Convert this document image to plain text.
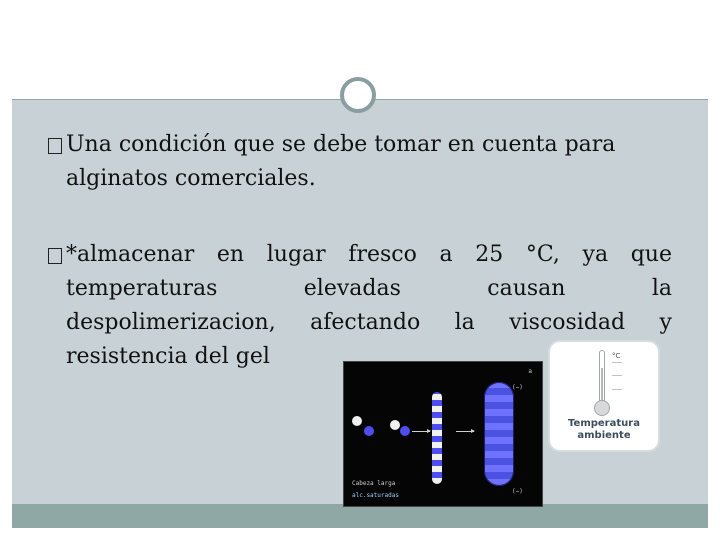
Una condición que se debe tomar en cuenta para
alginatos comerciales.
*almacenar en lugar fresco a 25 °C, ya que
temperaturas elevadas causan la
despolimerizacion, afectando la viscosidad y
resistencia del gel
a
(−)
(−)
Cabeza larga
alc.saturadas
°C
Temperatura
ambiente
